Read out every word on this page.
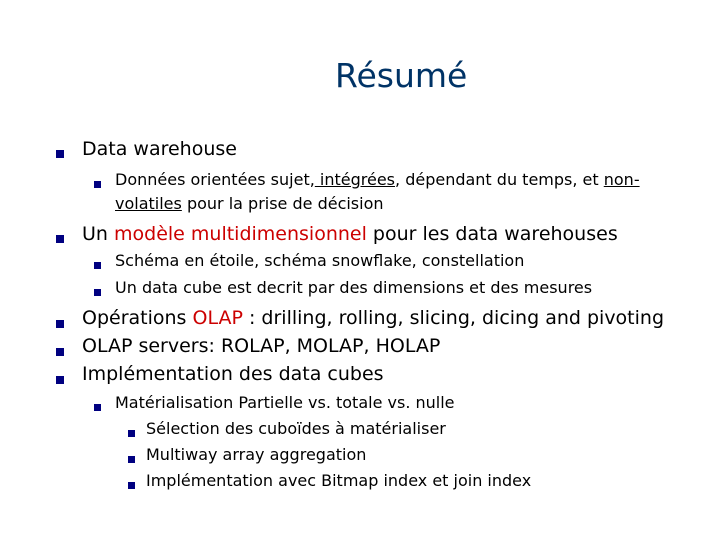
Résumé
Data warehouse
Données orientées sujet, intégrées, dépendant du temps, et non-
volatiles pour la prise de décision
Un modèle multidimensionnel pour les data warehouses
Schéma en étoile, schéma snowflake, constellation
Un data cube est decrit par des dimensions et des mesures
Opérations OLAP : drilling, rolling, slicing, dicing and pivoting
OLAP servers: ROLAP, MOLAP, HOLAP
Implémentation des data cubes
Matérialisation Partielle vs. totale vs. nulle
Sélection des cuboïdes à matérialiser
Multiway array aggregation
Implémentation avec Bitmap index et join index
